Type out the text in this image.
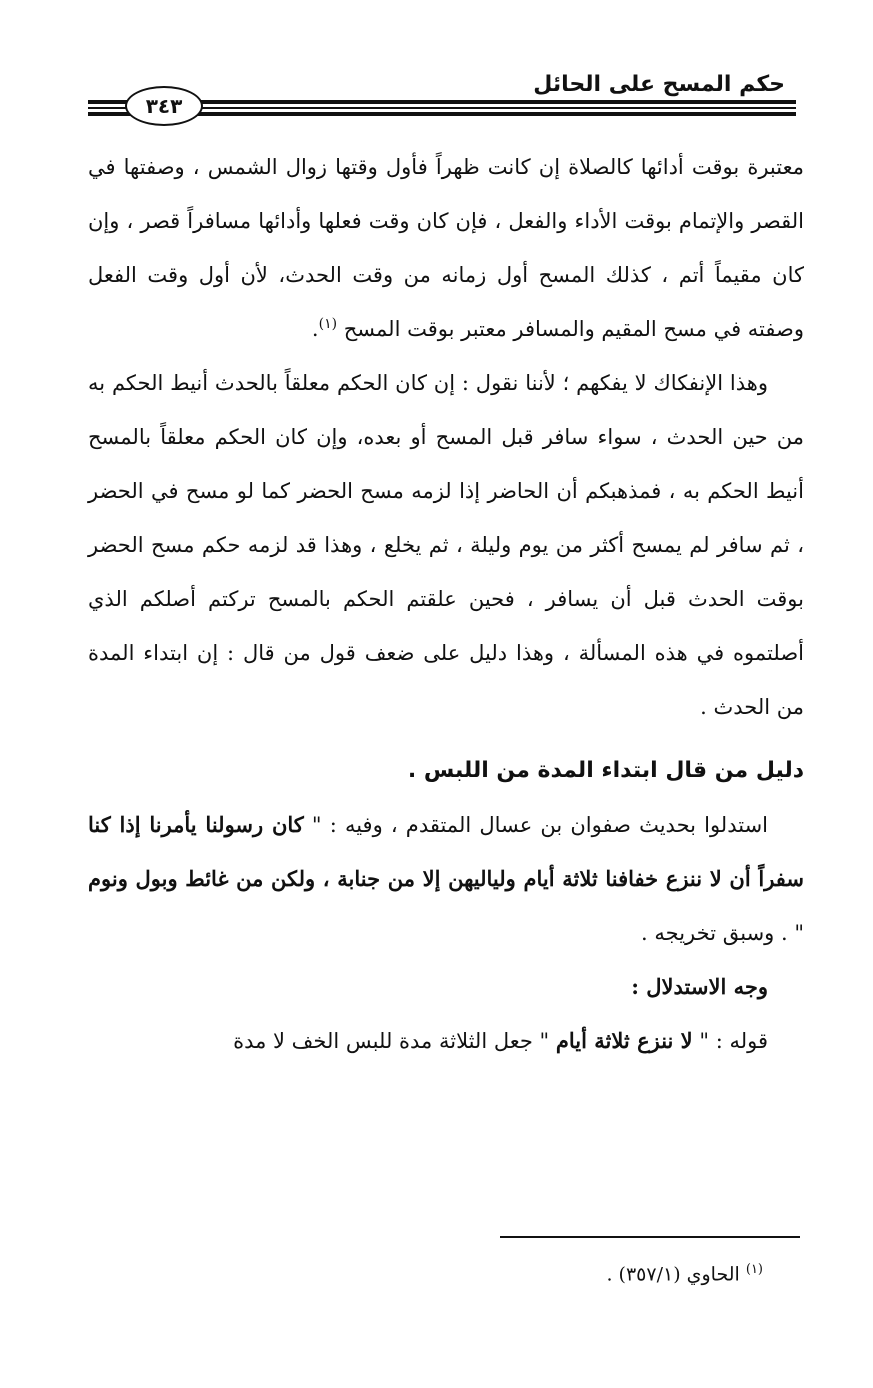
حكم المسح على الحائل
٣٤٣

معتبرة بوقت أدائها كالصلاة إن كانت ظهراً فأول وقتها زوال الشمس ، وصفتها في القصر والإتمام بوقت الأداء والفعل ، فإن كان وقت فعلها وأدائها مسافراً قصر ، وإن كان مقيماً أتم ، كذلك المسح أول زمانه من وقت الحدث، لأن أول وقت الفعل وصفته في مسح المقيم والمسافر معتبر بوقت المسح $^{(١)}$.

وهذا الإنفكاك لا يفكهم ؛ لأننا نقول : إن كان الحكم معلقاً بالحدث أنيط الحكم به من حين الحدث ، سواء سافر قبل المسح أو بعده، وإن كان الحكم معلقاً بالمسح أنيط الحكم به ، فمذهبكم أن الحاضر إذا لزمه مسح الحضر كما لو مسح في الحضر ، ثم سافر لم يمسح أكثر من يوم وليلة ، ثم يخلع ، وهذا قد لزمه حكم مسح الحضر بوقت الحدث قبل أن يسافر ، فحين علقتم الحكم بالمسح تركتم أصلكم الذي أصلتموه في هذه المسألة ، وهذا دليل على ضعف قول من قال : إن ابتداء المدة من الحدث .

دليل من قال ابتداء المدة من اللبس .

استدلوا بحديث صفوان بن عسال المتقدم ، وفيه : " كان رسولنا يأمرنا إذا كنا سفراً أن لا ننزع خفافنا ثلاثة أيام ولياليهن إلا من جنابة ، ولكن من غائط وبول ونوم " . وسبق تخريجه .

وجه الاستدلال :

قوله : " لا ننزع ثلاثة أيام " جعل الثلاثة مدة للبس الخف لا مدة

$^{(١)}$ الحاوي (٣٥٧/١) .
